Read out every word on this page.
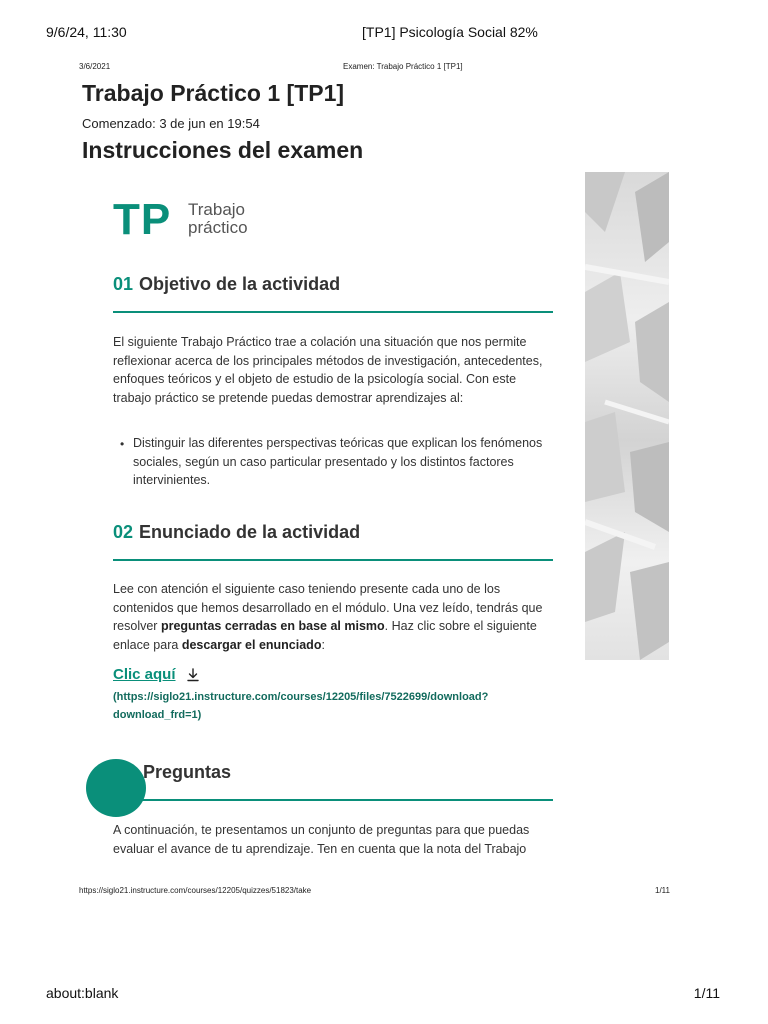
9/6/24, 11:30	[TP1] Psicología Social 82%
3/6/2021	Examen: Trabajo Práctico 1 [TP1]
Trabajo Práctico 1 [TP1]
Comenzado: 3 de jun en 19:54
Instrucciones del examen
TP Trabajo
práctico
01 Objetivo de la actividad

El siguiente Trabajo Práctico trae a colación una situación que nos permite reflexionar acerca de los principales métodos de investigación, antecedentes, enfoques teóricos y el objeto de estudio de la psicología social. Con este trabajo práctico se pretende puedas demostrar aprendizajes al:

• Distinguir las diferentes perspectivas teóricas que explican los fenómenos sociales, según un caso particular presentado y los distintos factores intervinientes.

02 Enunciado de la actividad

Lee con atención el siguiente caso teniendo presente cada uno de los contenidos que hemos desarrollado en el módulo. Una vez leído, tendrás que resolver preguntas cerradas en base al mismo. Haz clic sobre el siguiente enlace para descargar el enunciado:

Clic aquí
(https://siglo21.instructure.com/courses/12205/files/7522699/download?download_frd=1)
Preguntas

A continuación, te presentamos un conjunto de preguntas para que puedas evaluar el avance de tu aprendizaje. Ten en cuenta que la nota del Trabajo

https://siglo21.instructure.com/courses/12205/quizzes/51823/take	1/11
about:blank	1/11
